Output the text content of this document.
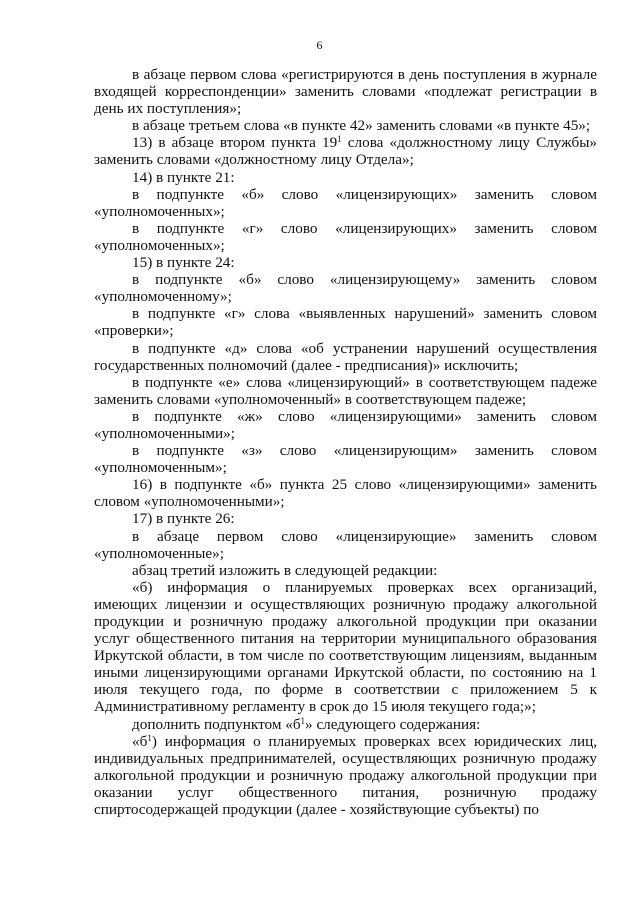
6

в абзаце первом слова «регистрируются в день поступления в журнале входящей корреспонденции» заменить словами «подлежат регистрации в день их поступления»;

в абзаце третьем слова «в пункте 42» заменить словами «в пункте 45»;

13) в абзаце втором пункта $19^1$ слова «должностному лицу Службы» заменить словами «должностному лицу Отдела»;

14) в пункте 21:

в подпункте «б» слово «лицензирующих» заменить словом «уполномоченных»;

в подпункте «г» слово «лицензирующих» заменить словом «уполномоченных»;

15) в пункте 24:

в подпункте «б» слово «лицензирующему» заменить словом «уполномоченному»;

в подпункте «г» слова «выявленных нарушений» заменить словом «проверки»;

в подпункте «д» слова «об устранении нарушений осуществления государственных полномочий (далее - предписания)» исключить;

в подпункте «е» слова «лицензирующий» в соответствующем падеже заменить словами «уполномоченный» в соответствующем падеже;

в подпункте «ж» слово «лицензирующими» заменить словом «уполномоченными»;

в подпункте «з» слово «лицензирующим» заменить словом «уполномоченным»;

16) в подпункте «б» пункта 25 слово «лицензирующими» заменить словом «уполномоченными»;

17) в пункте 26:

в абзаце первом слово «лицензирующие» заменить словом «уполномоченные»;

абзац третий изложить в следующей редакции:

«б) информация о планируемых проверках всех организаций, имеющих лицензии и осуществляющих розничную продажу алкогольной продукции и розничную продажу алкогольной продукции при оказании услуг общественного питания на территории муниципального образования Иркутской области, в том числе по соответствующим лицензиям, выданным иными лицензирующими органами Иркутской области, по состоянию на 1 июля текущего года, по форме в соответствии с приложением 5 к Административному регламенту в срок до 15 июля текущего года;»;

дополнить подпунктом «$б^1$» следующего содержания:

«$б^1$) информация о планируемых проверках всех юридических лиц, индивидуальных предпринимателей, осуществляющих розничную продажу алкогольной продукции и розничную продажу алкогольной продукции при оказании услуг общественного питания, розничную продажу спиртосодержащей продукции (далее - хозяйствующие субъекты) по
